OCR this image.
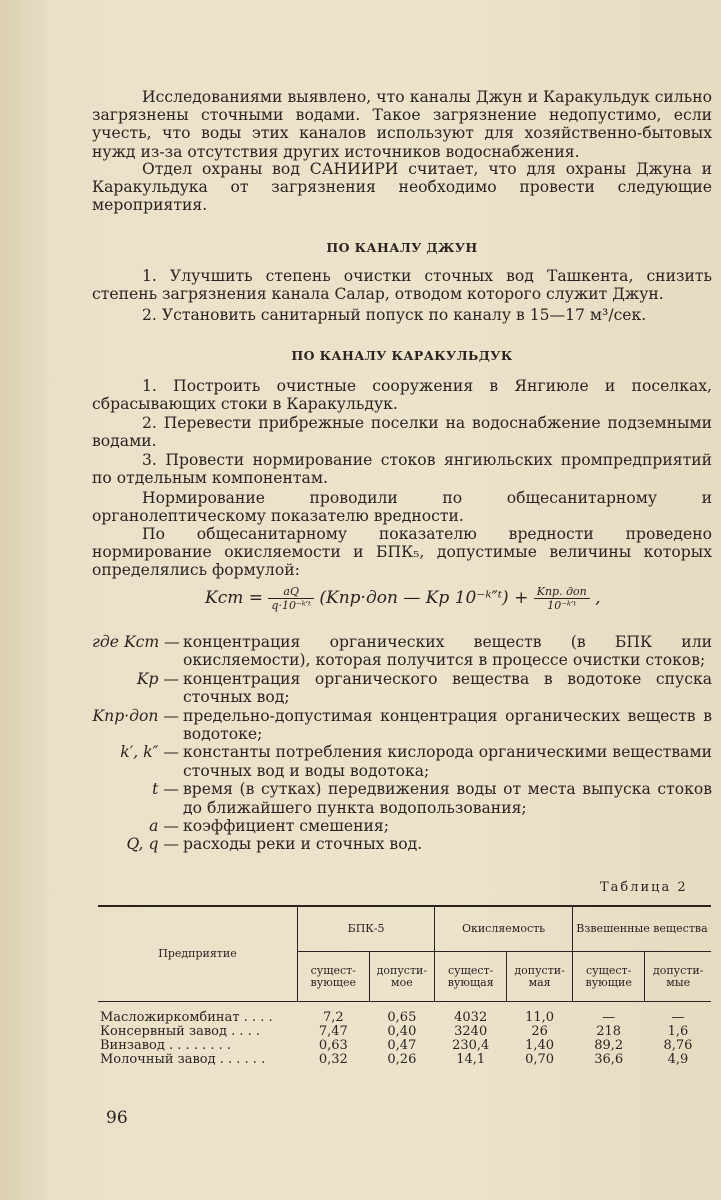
Исследованиями выявлено, что каналы Джун и Каракульдук сильно загрязнены сточными водами. Такое загрязнение недопустимо, если учесть, что воды этих каналов используют для хозяйственно-бытовых нужд из-за отсутствия других источников водоснабжения.

Отдел охраны вод САНИИРИ считает, что для охраны Джуна и Каракульдука от загрязнения необходимо провести следующие мероприятия.

ПО КАНАЛУ ДЖУН

1. Улучшить степень очистки сточных вод Ташкента, снизить степень загрязнения канала Салар, отводом которого служит Джун.

2. Установить санитарный попуск по каналу в 15—17 м³/сек.

ПО КАНАЛУ КАРАКУЛЬДУК

1. Построить очистные сооружения в Янгиюле и поселках, сбрасывающих стоки в Каракульдук.

2. Перевести прибрежные поселки на водоснабжение подземными водами.

3. Провести нормирование стоков янгиюльских промпредприятий по отдельным компонентам.

Нормирование проводили по общесанитарному и органолептическому показателю вредности.

По общесанитарному показателю вредности проведено нормирование окисляемости и БПК₅, допустимые величины которых определялись формулой:

Kст = $\frac{aQ}{\text{q·10⁻ᵏ′ᵗ}} (Kпр\cdot доп$ — Kр 10⁻ᵏ″ᵗ) + $\frac{\text{Kпр. доп}}{\text{10⁻ᵏ′ᵗ}}$ ,
где Kст — концентрация органических веществ (в БПК или окисляемости), которая получится в процессе очистки стоков;
Kр — концентрация органического вещества в водотоке спуска сточных вод;
Kпр·доп — предельно-допустимая концентрация органических веществ в водотоке;
k′, k″ — константы потребления кислорода органическими веществами сточных вод и воды водотока;
t — время (в сутках) передвижения воды от места выпуска стоков до ближайшего пункта водопользования;
a — коэффициент смешения;
Q, q — расходы реки и сточных вод.
Таблица 2
Предприятие	БПК-5		Окисляемость		Взвешенные вещества	
	сущест-вующее	допусти-мое	сущест-вующая	допусти-мая	сущест-вующие	допусти-мые
Масложиркомбинат . . . .	7,2	0,65	4032	11,0	—	—
Консервный завод . . . .	7,47	0,40	3240	26	218	1,6
Винзавод . . . . . . . .	0,63	0,47	230,4	1,40	89,2	8,76
Молочный завод . . . . . .	0,32	0,26	14,1	0,70	36,6	4,9
96
